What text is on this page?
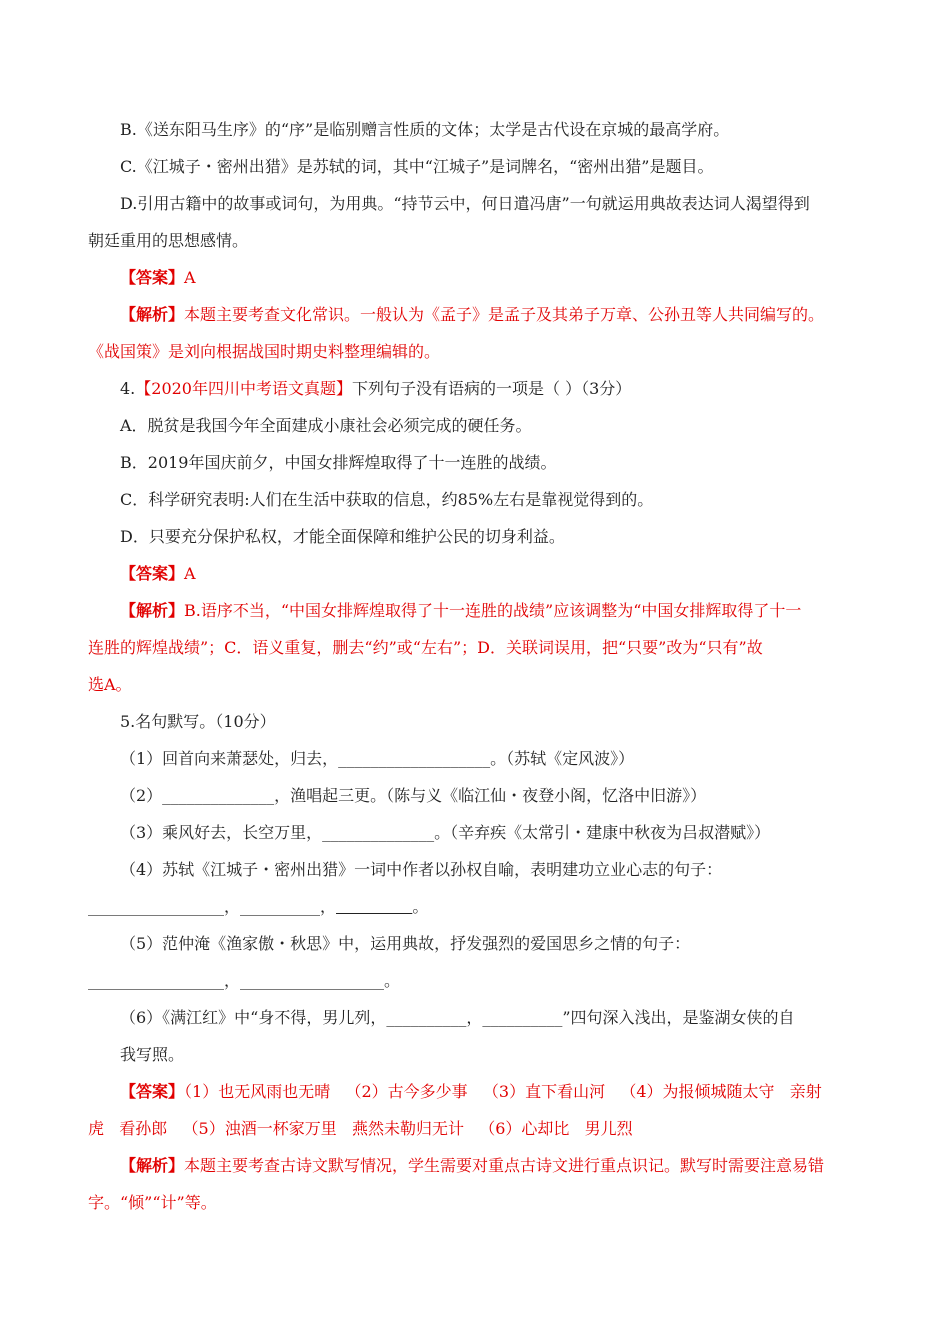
B.《送东阳马生序》的“序”是临别赠言性质的文体；太学是古代设在京城的最高学府。
C.《江城子・密州出猎》是苏轼的词，其中“江城子”是词牌名，“密州出猎”是题目。
D.引用古籍中的故事或词句，为用典。“持节云中，何日遣冯唐”一句就运用典故表达词人渴望得到
朝廷重用的思想感情。
【答案】A
【解析】本题主要考查文化常识。一般认为《孟子》是孟子及其弟子万章、公孙丑等人共同编写的。
《战国策》是刘向根据战国时期史料整理编辑的。
4.【2020年四川中考语文真题】下列句子没有语病的一项是（ ）（3分）
A．脱贫是我国今年全面建成小康社会必须完成的硬任务。
B．2019年国庆前夕，中国女排辉煌取得了十一连胜的战绩。
C．科学研究表明:人们在生活中获取的信息，约85%左右是靠视觉得到的。
D．只要充分保护私权，才能全面保障和维护公民的切身利益。
【答案】A
【解析】B.语序不当，“中国女排辉煌取得了十一连胜的战绩”应该调整为“中国女排辉取得了十一
连胜的辉煌战绩”；C．语义重复，删去“约”或“左右”；D．关联词误用，把“只要”改为“只有”故
选A。
5.名句默写。（10分）
（1）回首向来萧瑟处，归去，___________________。（苏轼《定风波》）
（2）______________，渔唱起三更。（陈与义《临江仙・夜登小阁，忆洛中旧游》）
（3）乘风好去，长空万里，______________。（辛弃疾《太常引・建康中秋夜为吕叔潜赋》）
（4）苏轼《江城子・密州出猎》一词中作者以孙权自喻，表明建功立业心志的句子：
_________________，__________，	。
（5）范仲淹《渔家傲・秋思》中，运用典故，抒发强烈的爱国思乡之情的句子：
_________________，__________________。
（6）《满江红》中“身不得，男儿列，__________，__________”四句深入浅出，是鉴湖女侠的自
我写照。
【答案】（1）也无风雨也无晴   （2）古今多少事   （3）直下看山河   （4）为报倾城随太守   亲射
虎   看孙郎   （5）浊酒一杯家万里   燕然未勒归无计   （6）心却比   男儿烈
【解析】本题主要考查古诗文默写情况，学生需要对重点古诗文进行重点识记。默写时需要注意易错
字。“倾”“计”等。
